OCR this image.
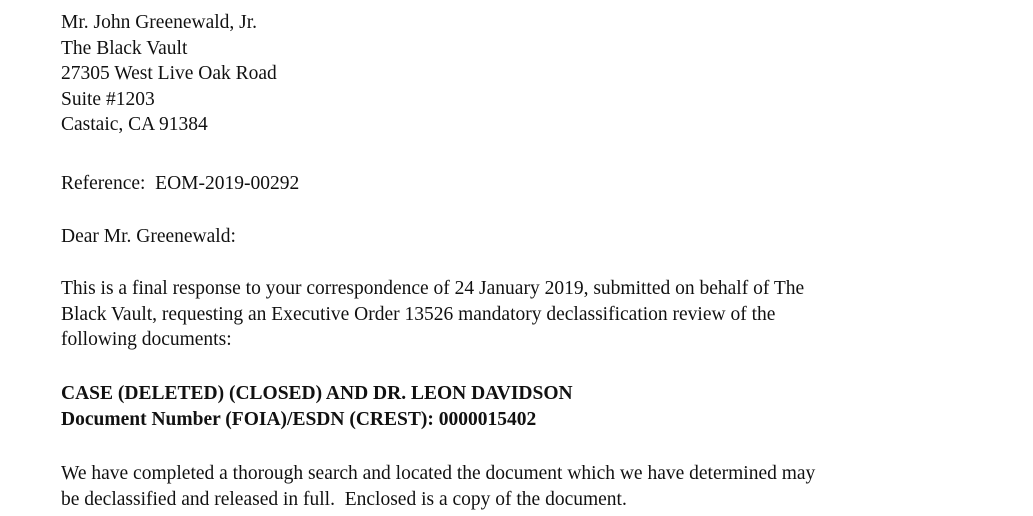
Mr. John Greenewald, Jr.
The Black Vault
27305 West Live Oak Road
Suite #1203
Castaic, CA 91384
Reference:  EOM-2019-00292
Dear Mr. Greenewald:
This is a final response to your correspondence of 24 January 2019, submitted on behalf of The
Black Vault, requesting an Executive Order 13526 mandatory declassification review of the
following documents:
CASE (DELETED) (CLOSED) AND DR. LEON DAVIDSON
Document Number (FOIA)/ESDN (CREST): 0000015402
We have completed a thorough search and located the document which we have determined may
be declassified and released in full.  Enclosed is a copy of the document.
